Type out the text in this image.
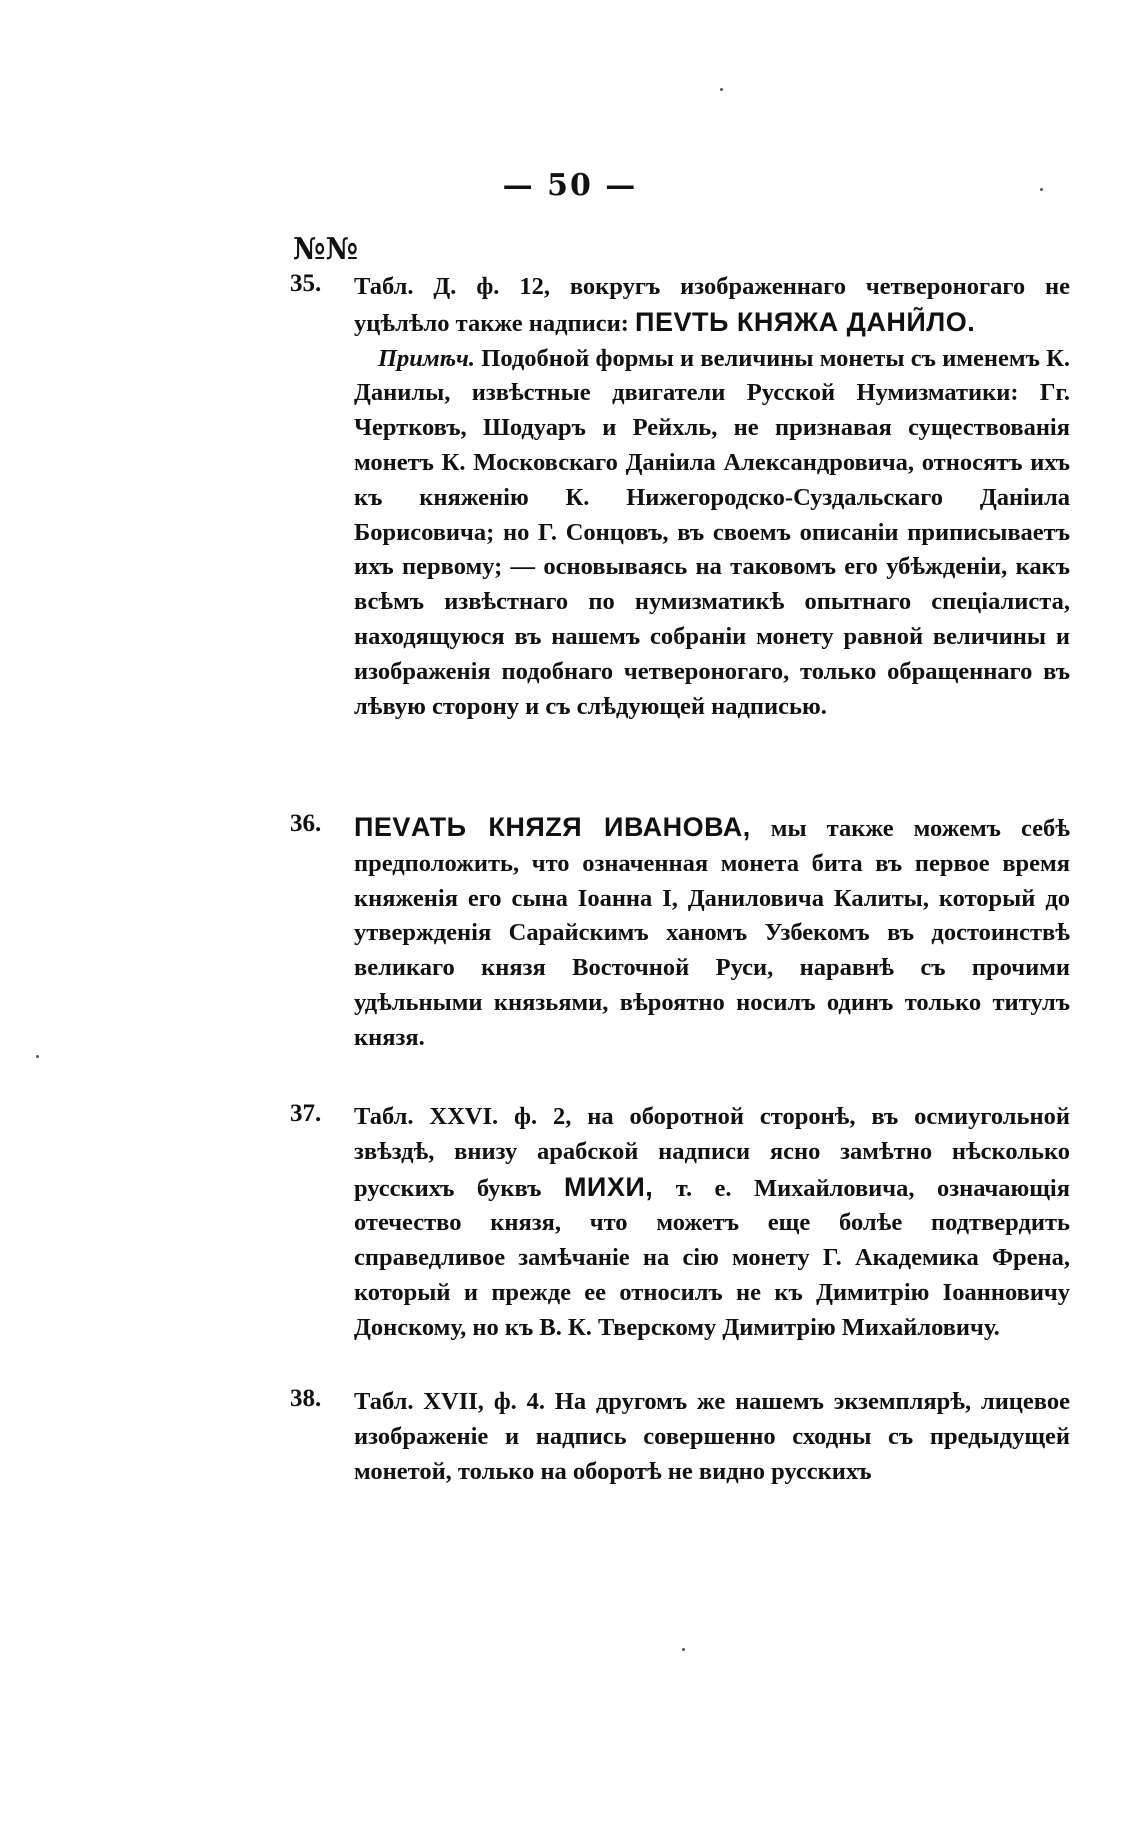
— 50 —
№№
35. Табл. Д. ф. 12, вокругъ изображеннаго четвероногаго не уцѣлѣло также надписи: ПЕVТЬ КНЯЖА ДАНИ̃ЛО.
Примѣч. Подобной формы и величины монеты съ именемъ К. Данилы, извѣстные двигатели Русской Нумизматики: Гг. Чертковъ, Шодуаръ и Рейхль, не признавая существованія монетъ К. Московскаго Даніила Александровича, относятъ ихъ къ княженію К. Нижегородско-Суздальскаго Даніила Борисовича; но Г. Сонцовъ, въ своемъ описаніи приписываетъ ихъ первому; — основываясь на таковомъ его убѣжденіи, какъ всѣмъ извѣстнаго по нумизматикѣ опытнаго спеціалиста, находящуюся въ нашемъ собраніи монету равной величины и изображенія подобнаго четвероногаго, только обращеннаго въ лѣвую сторону и съ слѣдующей надписью.
36. ПЕVАТЬ КНЯZЯ ИВАНОВА, мы также можемъ себѣ предположить, что означенная монета бита въ первое время княженія его сына Іоанна I, Даниловича Калиты, который до утвержденія Сарайскимъ ханомъ Узбекомъ въ достоинствѣ великаго князя Восточной Руси, наравнѣ съ прочими удѣльными князьями, вѣроятно носилъ одинъ только титулъ князя.
37. Табл. XXVI. ф. 2, на оборотной сторонѣ, въ осмиугольной звѣздѣ, внизу арабской надписи ясно замѣтно нѣсколько русскихъ буквъ МИХИ, т. е. Михайловича, означающія отечество князя, что можетъ еще болѣе подтвердить справедливое замѣчаніе на сію монету Г. Академика Френа, который и прежде ее относилъ не къ Димитрію Іоанновичу Донскому, но къ В. К. Тверскому Димитрію Михайловичу.
38. Табл. XVII, ф. 4. На другомъ же нашемъ экземплярѣ, лицевое изображеніе и надпись совершенно сходны съ предыдущей монетой, только на оборотѣ не видно русскихъ
